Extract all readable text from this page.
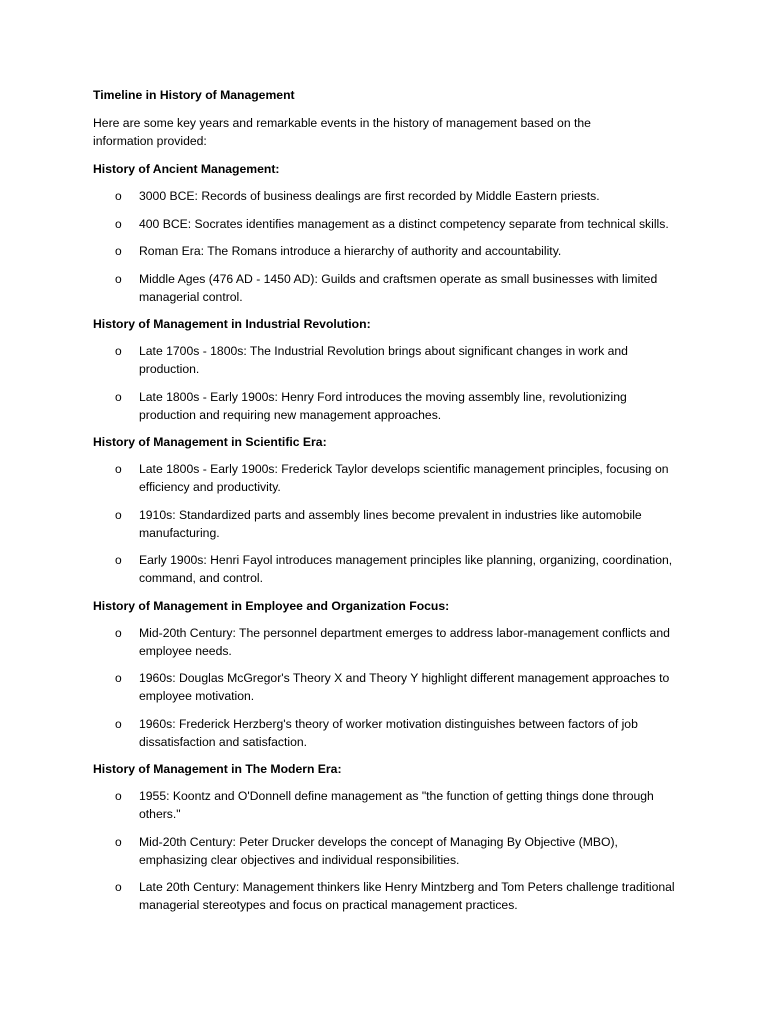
Timeline in History of Management

Here are some key years and remarkable events in the history of management based on the information provided:

History of Ancient Management:

o 3000 BCE: Records of business dealings are first recorded by Middle Eastern priests.
o 400 BCE: Socrates identifies management as a distinct competency separate from technical skills.
o Roman Era: The Romans introduce a hierarchy of authority and accountability.
o Middle Ages (476 AD - 1450 AD): Guilds and craftsmen operate as small businesses with limited managerial control.

History of Management in Industrial Revolution:

o Late 1700s - 1800s: The Industrial Revolution brings about significant changes in work and production.
o Late 1800s - Early 1900s: Henry Ford introduces the moving assembly line, revolutionizing production and requiring new management approaches.

History of Management in Scientific Era:

o Late 1800s - Early 1900s: Frederick Taylor develops scientific management principles, focusing on efficiency and productivity.
o 1910s: Standardized parts and assembly lines become prevalent in industries like automobile manufacturing.
o Early 1900s: Henri Fayol introduces management principles like planning, organizing, coordination, command, and control.

History of Management in Employee and Organization Focus:

o Mid-20th Century: The personnel department emerges to address labor-management conflicts and employee needs.
o 1960s: Douglas McGregor's Theory X and Theory Y highlight different management approaches to employee motivation.
o 1960s: Frederick Herzberg's theory of worker motivation distinguishes between factors of job dissatisfaction and satisfaction.

History of Management in The Modern Era:

o 1955: Koontz and O'Donnell define management as "the function of getting things done through others."
o Mid-20th Century: Peter Drucker develops the concept of Managing By Objective (MBO), emphasizing clear objectives and individual responsibilities.
o Late 20th Century: Management thinkers like Henry Mintzberg and Tom Peters challenge traditional managerial stereotypes and focus on practical management practices.
